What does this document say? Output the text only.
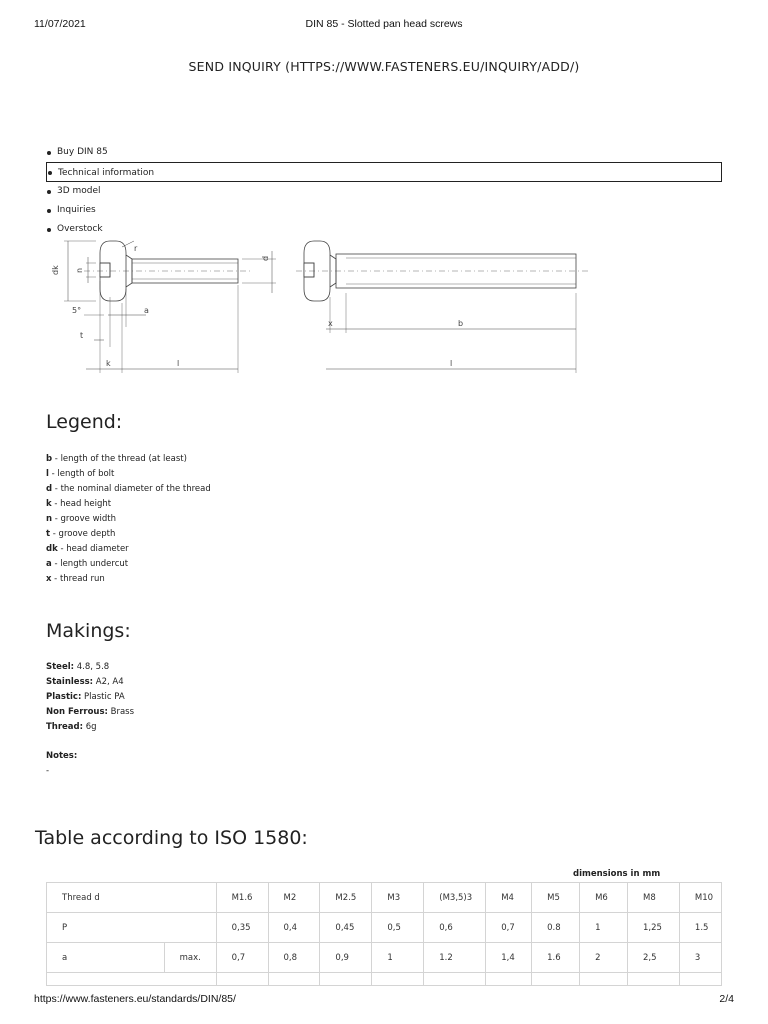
11/07/2021	DIN 85 - Slotted pan head screws
SEND INQUIRY (HTTPS://WWW.FASTENERS.EU/INQUIRY/ADD/)
Buy DIN 85
Technical information
3D model
Inquiries
Overstock
dk n
r
d
5°	a
t
k	l
x	b
l
Legend:
b - length of the thread (at least)
l - length of bolt
d - the nominal diameter of the thread
k - head height
n - groove width
t - groove depth
dk - head diameter
a - length undercut
x - thread run
Makings:
Steel: 4.8, 5.8
Stainless: A2, A4
Plastic: Plastic PA
Non Ferrous: Brass
Thread: 6g
Notes:
-
Table according to ISO 1580:
dimensions in mm
Thread d		M1.6	M2	M2.5	M3	(M3,5)3	M4	M5	M6	M8	M10
P		0,35	0,4	0,45	0,5	0,6	0,7	0.8	1	1,25	1.5
a	max.	0,7	0,8	0,9	1	1.2	1,4	1.6	2	2,5	3

https://www.fasteners.eu/standards/DIN/85/	2/4
